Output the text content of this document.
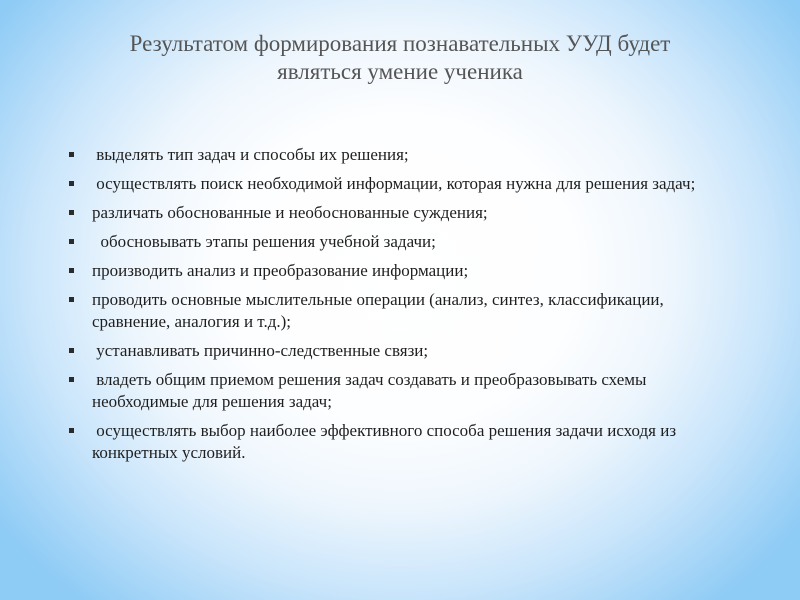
Результатом формирования познавательных УУД будет
являться умение ученика
выделять тип задач и способы их решения;
осуществлять поиск необходимой информации, которая нужна для решения задач;
различать обоснованные и необоснованные суждения;
обосновывать этапы решения учебной задачи;
производить анализ и преобразование информации;
проводить основные мыслительные операции (анализ, синтез, классификации, сравнение, аналогия и т.д.);
устанавливать причинно-следственные связи;
владеть общим приемом решения задач создавать и преобразовывать схемы необходимые для решения задач;
осуществлять выбор наиболее эффективного способа решения задачи исходя из конкретных условий.
